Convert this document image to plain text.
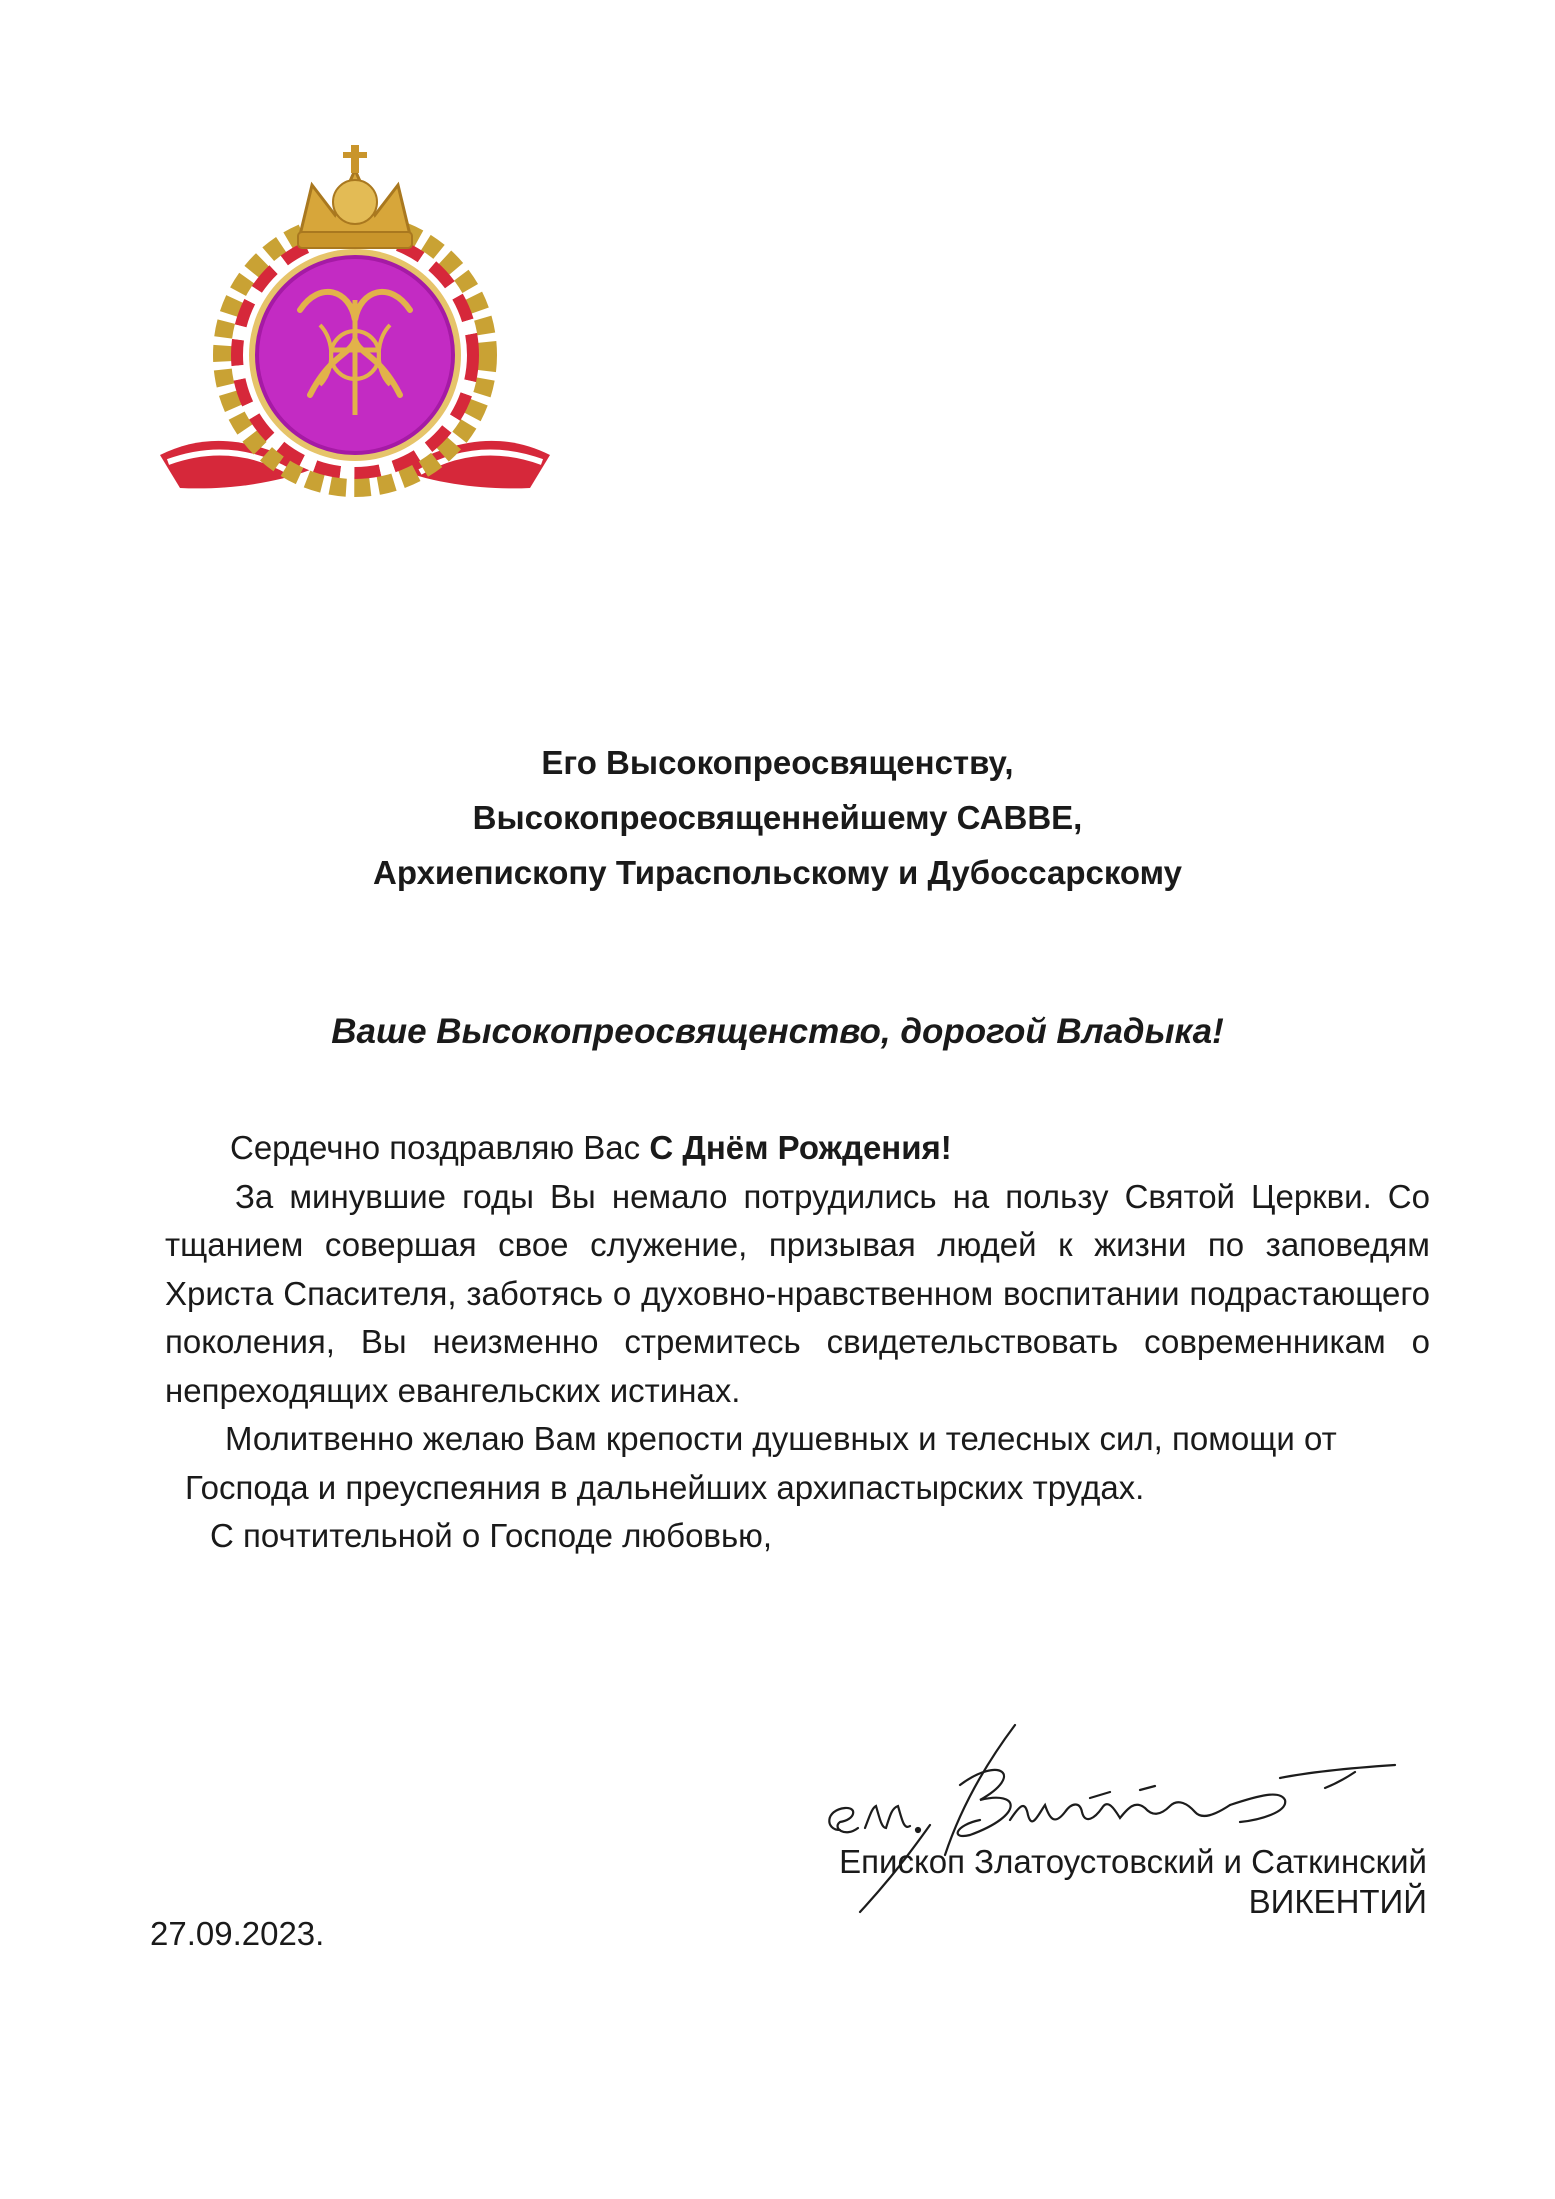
Его Высокопреосвященству,
Высокопреосвященнейшему САВВЕ,
Архиепископу Тираспольскому и Дубоссарскому
Ваше Высокопреосвященство, дорогой Владыка!
Сердечно поздравляю Вас С Днём Рождения!
За минувшие годы Вы немало потрудились на пользу Святой Церкви. Со тщанием совершая свое служение, призывая людей к жизни по заповедям Христа Спасителя, заботясь о духовно-нравственном воспитании подрастающего поколения, Вы неизменно стремитесь свидетельствовать современникам о непреходящих евангельских истинах.
Молитвенно желаю Вам крепости душевных и телесных сил, помощи от Господа и преуспеяния в дальнейших архипастырских трудах.
С почтительной о Господе любовью,
Епископ Златоустовский и Саткинский
ВИКЕНТИЙ
27.09.2023.
